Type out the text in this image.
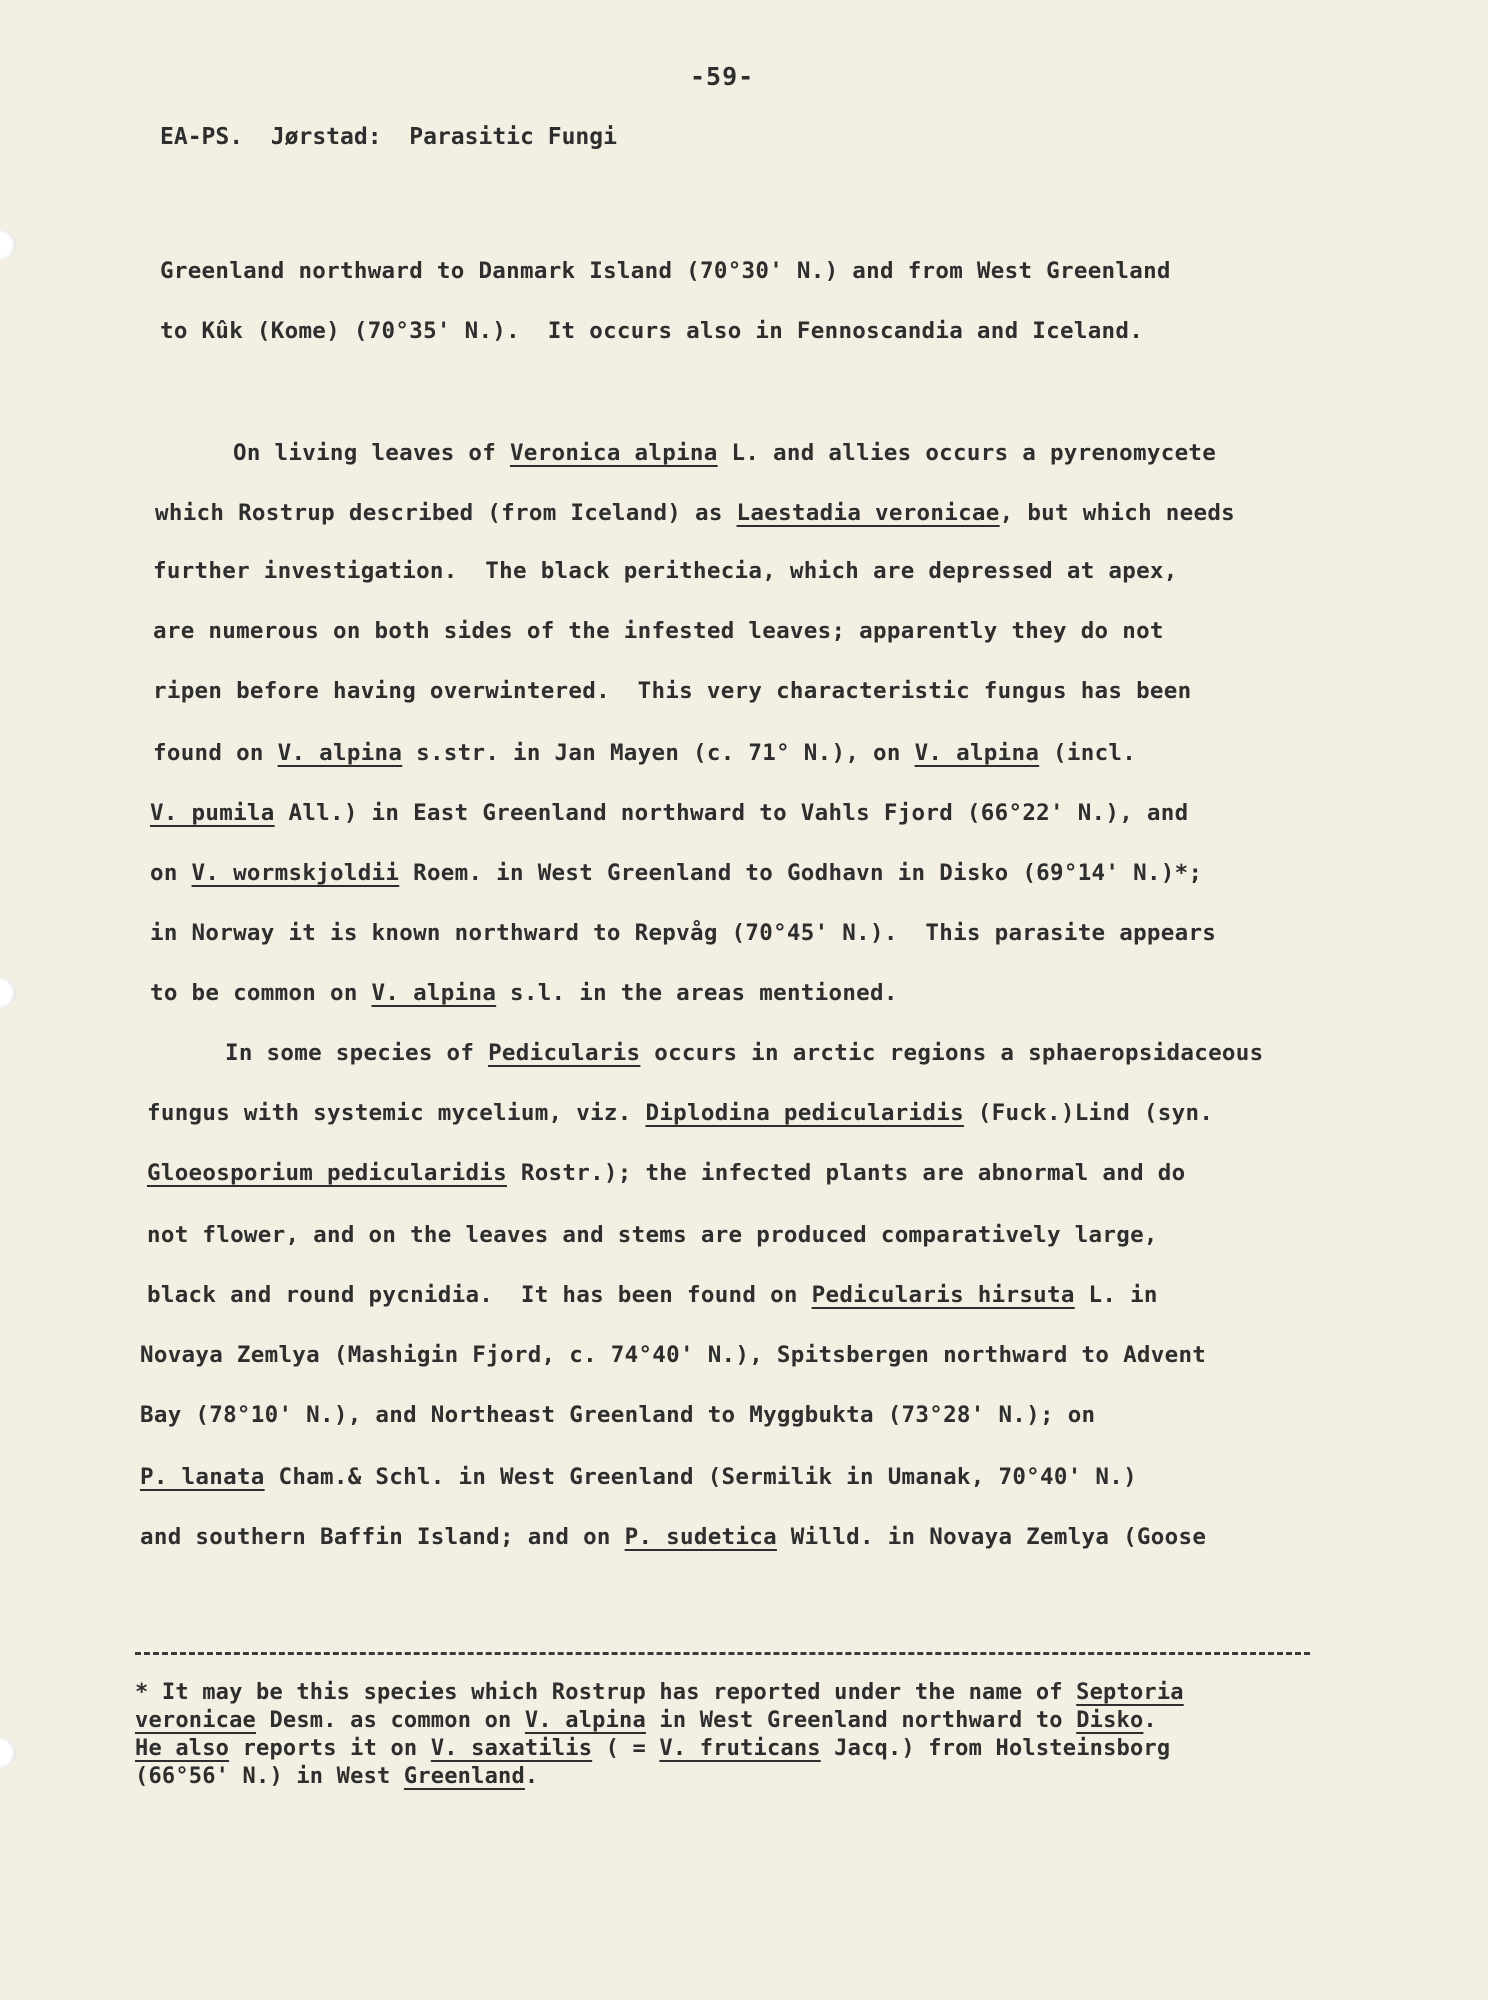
-59-
EA-PS.  Jørstad:  Parasitic Fungi
Greenland northward to Danmark Island (70°30' N.) and from West Greenland
to Kûk (Kome) (70°35' N.).  It occurs also in Fennoscandia and Iceland.
On living leaves of Veronica alpina L. and allies occurs a pyrenomycete
which Rostrup described (from Iceland) as Laestadia veronicae, but which needs
further investigation.  The black perithecia, which are depressed at apex,
are numerous on both sides of the infested leaves; apparently they do not
ripen before having overwintered.  This very characteristic fungus has been
found on V. alpina s.str. in Jan Mayen (c. 71° N.), on V. alpina (incl.
V. pumila All.) in East Greenland northward to Vahls Fjord (66°22' N.), and
on V. wormskjoldii Roem. in West Greenland to Godhavn in Disko (69°14' N.)*;
in Norway it is known northward to Repvåg (70°45' N.).  This parasite appears
to be common on V. alpina s.l. in the areas mentioned.
In some species of Pedicularis occurs in arctic regions a sphaeropsidaceous
fungus with systemic mycelium, viz. Diplodina pedicularidis (Fuck.)Lind (syn.
Gloeosporium pedicularidis Rostr.); the infected plants are abnormal and do
not flower, and on the leaves and stems are produced comparatively large,
black and round pycnidia.  It has been found on Pedicularis hirsuta L. in
Novaya Zemlya (Mashigin Fjord, c. 74°40' N.), Spitsbergen northward to Advent
Bay (78°10' N.), and Northeast Greenland to Myggbukta (73°28' N.); on
P. lanata Cham.& Schl. in West Greenland (Sermilik in Umanak, 70°40' N.)
and southern Baffin Island; and on P. sudetica Willd. in Novaya Zemlya (Goose
* It may be this species which Rostrup has reported under the name of Septoria
veronicae Desm. as common on V. alpina in West Greenland northward to Disko.
He also reports it on V. saxatilis ( = V. fruticans Jacq.) from Holsteinsborg
(66°56' N.) in West Greenland.
